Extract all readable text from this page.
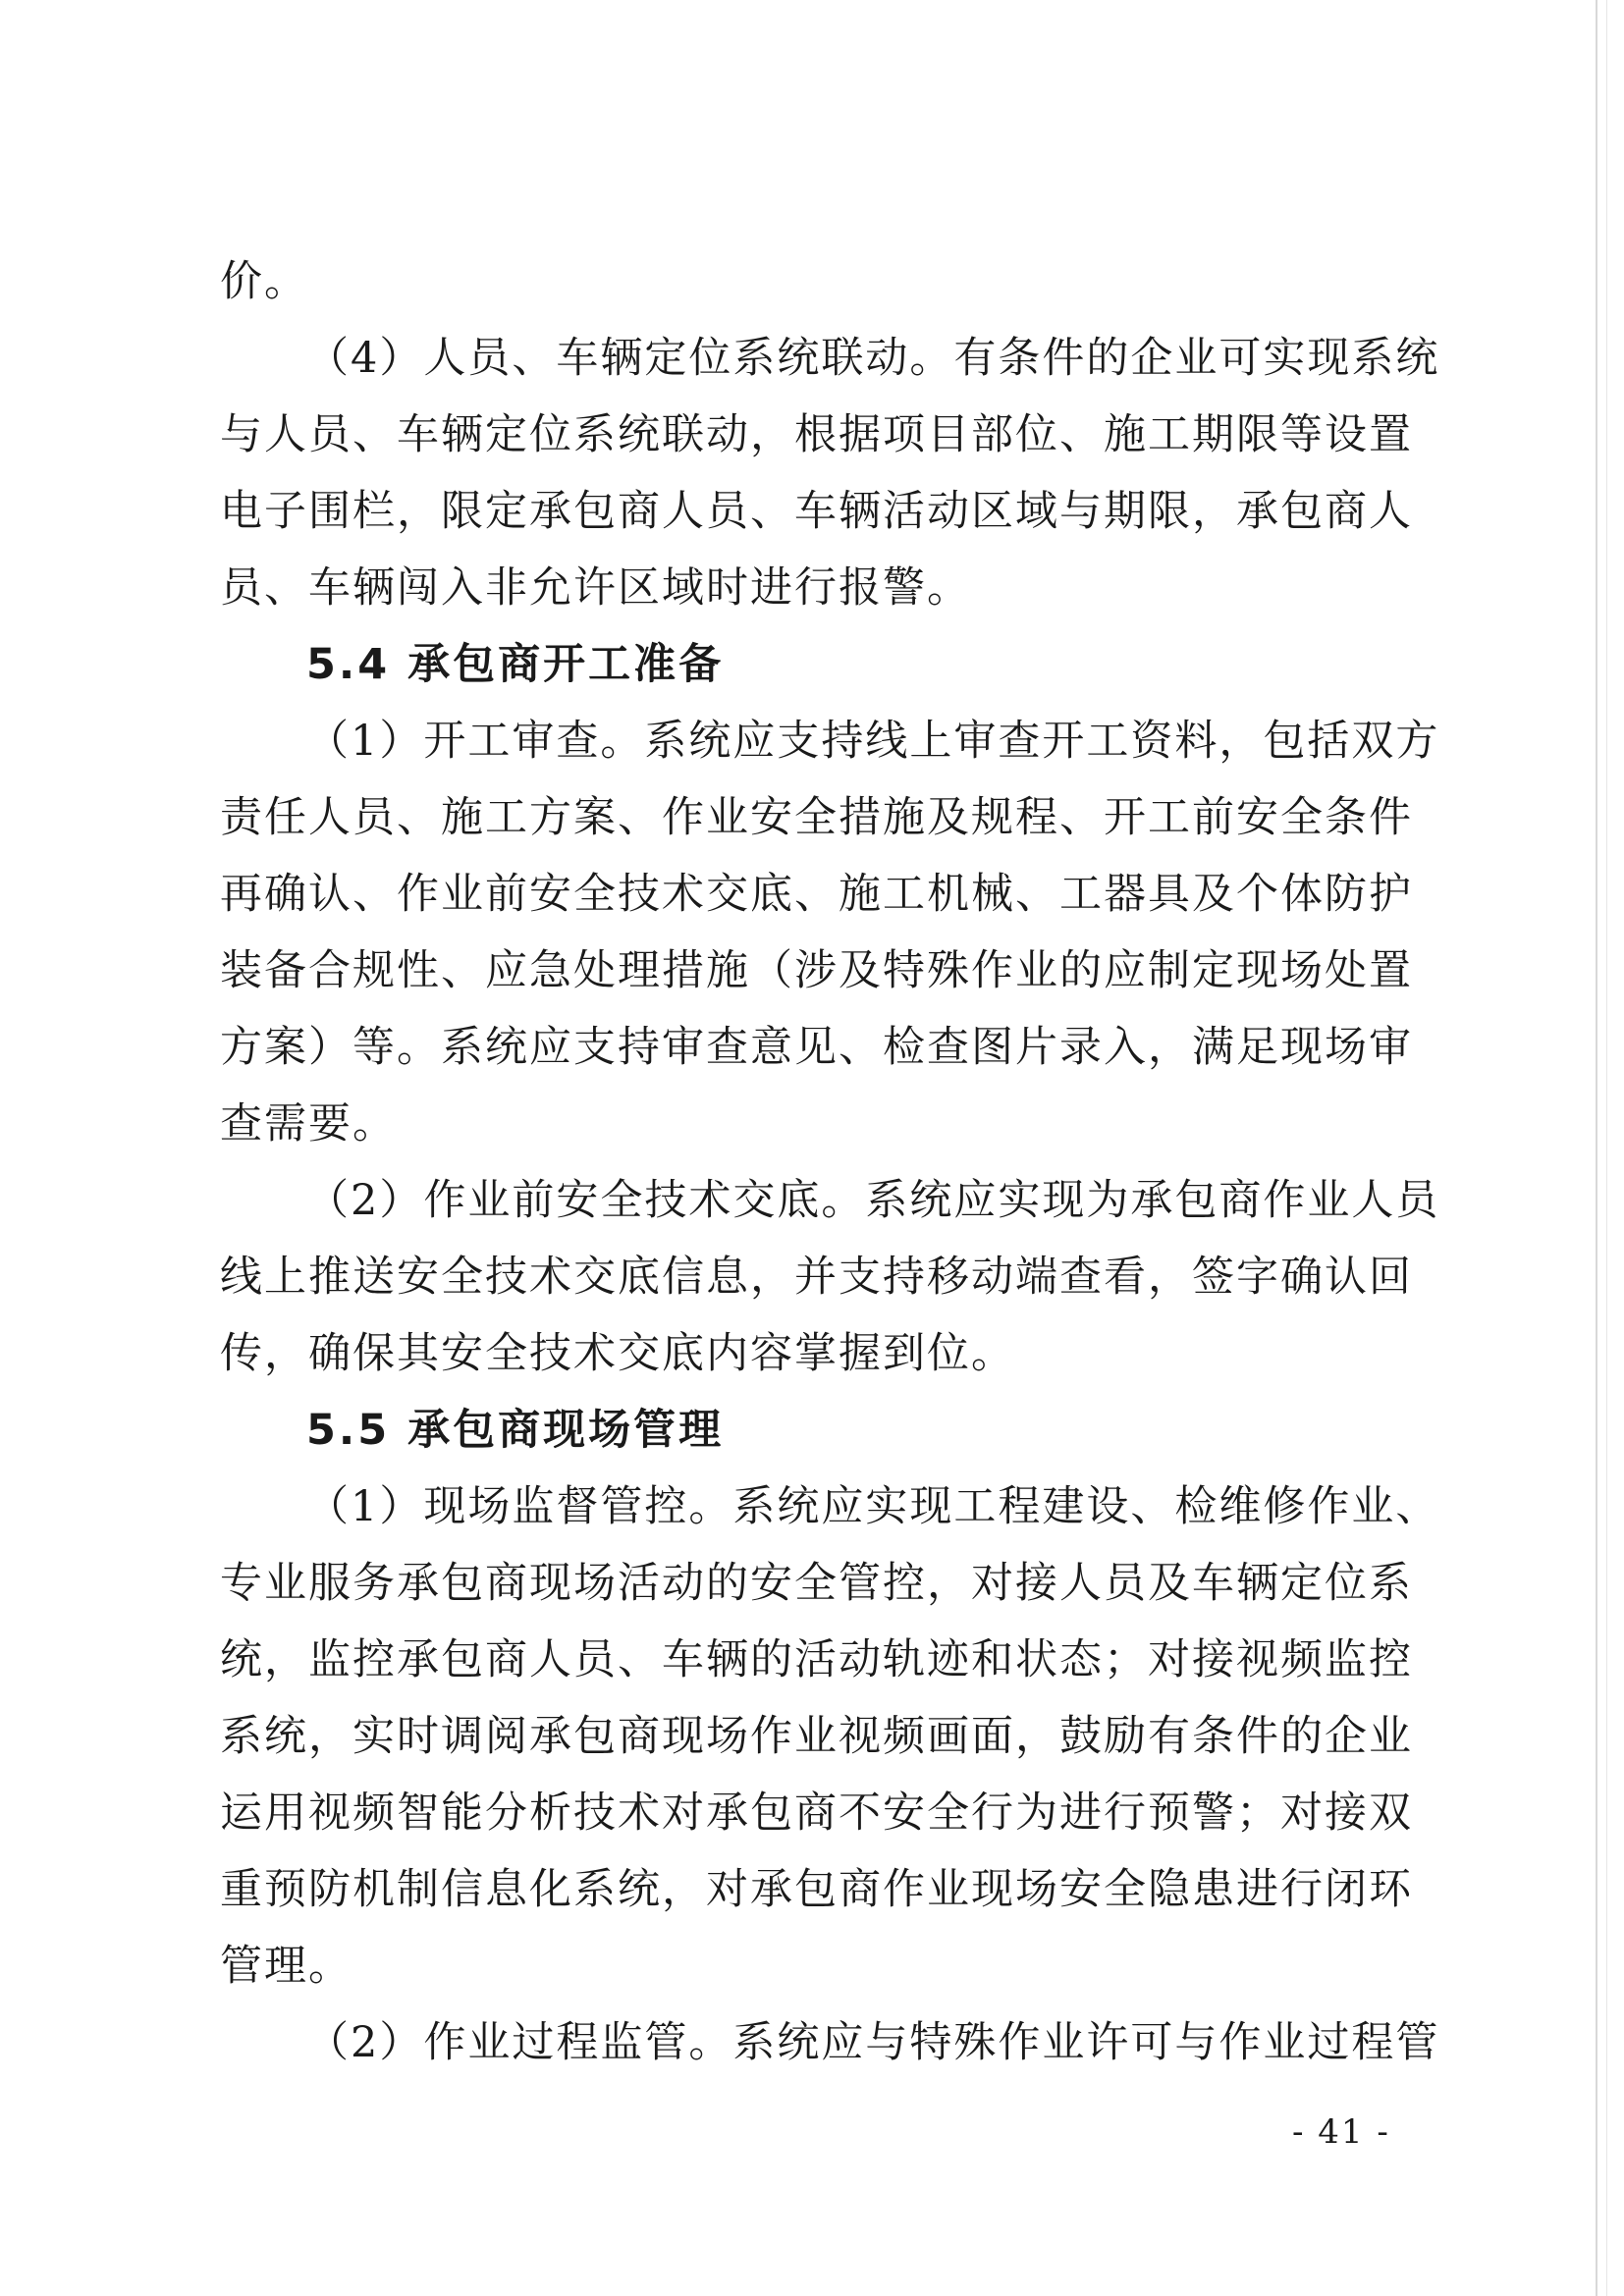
价。
（4）人员、车辆定位系统联动。有条件的企业可实现系统
与人员、车辆定位系统联动，根据项目部位、施工期限等设置
电子围栏，限定承包商人员、车辆活动区域与期限，承包商人
员、车辆闯入非允许区域时进行报警。
5.4 承包商开工准备
（1）开工审查。系统应支持线上审查开工资料，包括双方
责任人员、施工方案、作业安全措施及规程、开工前安全条件
再确认、作业前安全技术交底、施工机械、工器具及个体防护
装备合规性、应急处理措施（涉及特殊作业的应制定现场处置
方案）等。系统应支持审查意见、检查图片录入，满足现场审
查需要。
（2）作业前安全技术交底。系统应实现为承包商作业人员
线上推送安全技术交底信息，并支持移动端查看，签字确认回
传，确保其安全技术交底内容掌握到位。
5.5 承包商现场管理
（1）现场监督管控。系统应实现工程建设、检维修作业、
专业服务承包商现场活动的安全管控，对接人员及车辆定位系
统，监控承包商人员、车辆的活动轨迹和状态；对接视频监控
系统，实时调阅承包商现场作业视频画面，鼓励有条件的企业
运用视频智能分析技术对承包商不安全行为进行预警；对接双
重预防机制信息化系统，对承包商作业现场安全隐患进行闭环
管理。
（2）作业过程监管。系统应与特殊作业许可与作业过程管
- 41 -
